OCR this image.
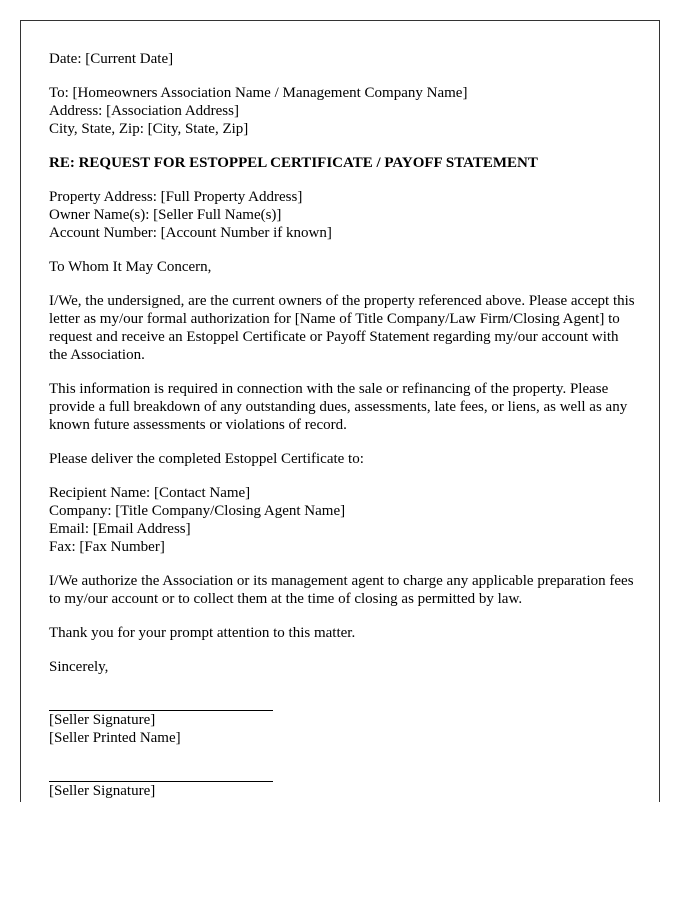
Date: [Current Date]

To: [Homeowners Association Name / Management Company Name]
Address: [Association Address]
City, State, Zip: [City, State, Zip]

RE: REQUEST FOR ESTOPPEL CERTIFICATE / PAYOFF STATEMENT

Property Address: [Full Property Address]
Owner Name(s): [Seller Full Name(s)]
Account Number: [Account Number if known]

To Whom It May Concern,

I/We, the undersigned, are the current owners of the property referenced above. Please accept this letter as my/our formal authorization for [Name of Title Company/Law Firm/Closing Agent] to request and receive an Estoppel Certificate or Payoff Statement regarding my/our account with the Association.

This information is required in connection with the sale or refinancing of the property. Please provide a full breakdown of any outstanding dues, assessments, late fees, or liens, as well as any known future assessments or violations of record.

Please deliver the completed Estoppel Certificate to:

Recipient Name: [Contact Name]
Company: [Title Company/Closing Agent Name]
Email: [Email Address]
Fax: [Fax Number]

I/We authorize the Association or its management agent to charge any applicable preparation fees to my/our account or to collect them at the time of closing as permitted by law.

Thank you for your prompt attention to this matter.

Sincerely,

[Seller Signature]
[Seller Printed Name]

[Seller Signature]
